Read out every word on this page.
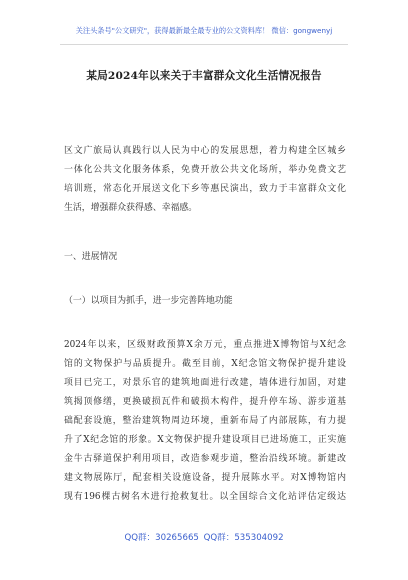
关注头条号"公文研究"，获得最新最全最专业的公文资料库！ 微信：gongwenyj
某局2024年以来关于丰富群众文化生活情况报告
区文广旅局认真践行以人民为中心的发展思想，着力构建全区城乡
一体化公共文化服务体系，免费开放公共文化场所，举办免费文艺
培训班，常态化开展送文化下乡等惠民演出，致力于丰富群众文化
生活，增强群众获得感、幸福感。
一、进展情况
（一）以项目为抓手，进一步完善阵地功能
2024年以来，区级财政预算X余万元，重点推进X博物馆与X纪念
馆的文物保护与品质提升。截至目前，X纪念馆文物保护提升建设
项目已完工，对景乐官的建筑地面进行改建，墙体进行加固，对建
筑揭顶修缮，更换破损瓦件和破损木构件，提升停车场、游步道基
础配套设施，整治建筑物周边环境，重新布局了内部展陈，有力提
升了X纪念馆的形象。X文物保护提升建设项目已进场施工，正实施
金牛古驿道保护利用项目，改造参观步道，整治沿线环境。新建改
建文物展陈厅，配套相关设施设备，提升展陈水平。对X博物馆内
现有196棵古树名木进行抢救复壮。以全国综合文化站评估定级达
QQ群：30265665 QQ群：535304092
